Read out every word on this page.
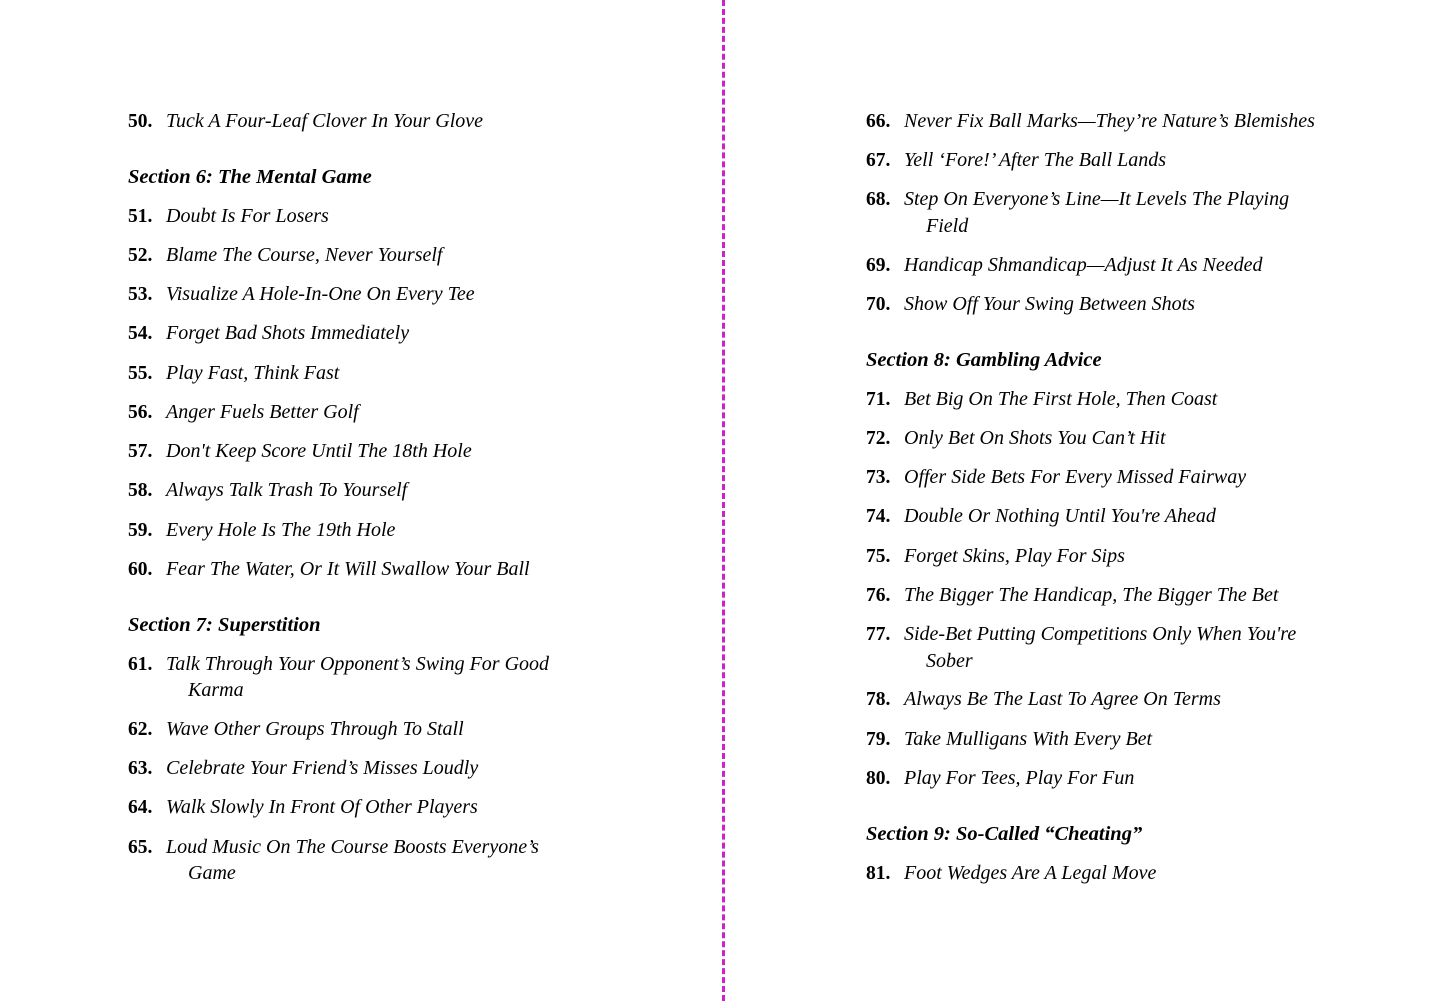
50. Tuck A Four-Leaf Clover In Your Glove
Section 6: The Mental Game
51. Doubt Is For Losers
52. Blame The Course, Never Yourself
53. Visualize A Hole-In-One On Every Tee
54. Forget Bad Shots Immediately
55. Play Fast, Think Fast
56. Anger Fuels Better Golf
57. Don't Keep Score Until The 18th Hole
58. Always Talk Trash To Yourself
59. Every Hole Is The 19th Hole
60. Fear The Water, Or It Will Swallow Your Ball
Section 7: Superstition
61. Talk Through Your Opponent’s Swing For Good
Karma
62. Wave Other Groups Through To Stall
63. Celebrate Your Friend’s Misses Loudly
64. Walk Slowly In Front Of Other Players
65. Loud Music On The Course Boosts Everyone’s
Game
66. Never Fix Ball Marks—They’re Nature’s Blemishes
67. Yell ‘Fore!’ After The Ball Lands
68. Step On Everyone’s Line—It Levels The Playing
Field
69. Handicap Shmandicap—Adjust It As Needed
70. Show Off Your Swing Between Shots
Section 8: Gambling Advice
71. Bet Big On The First Hole, Then Coast
72. Only Bet On Shots You Can’t Hit
73. Offer Side Bets For Every Missed Fairway
74. Double Or Nothing Until You're Ahead
75. Forget Skins, Play For Sips
76. The Bigger The Handicap, The Bigger The Bet
77. Side-Bet Putting Competitions Only When You're
Sober
78. Always Be The Last To Agree On Terms
79. Take Mulligans With Every Bet
80. Play For Tees, Play For Fun
Section 9: So-Called “Cheating”
81. Foot Wedges Are A Legal Move
